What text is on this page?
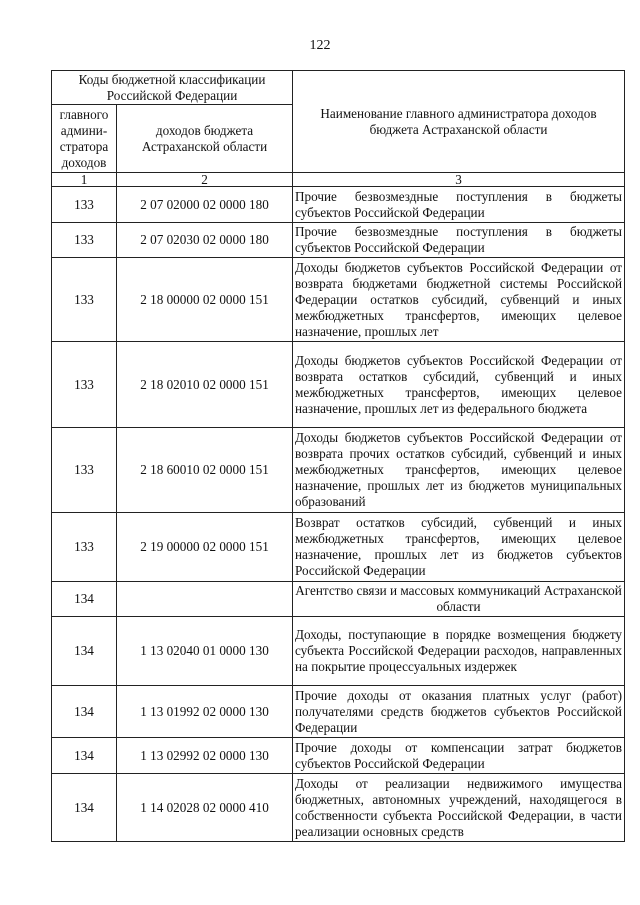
122
Коды бюджетной классификации Российской Федерации		Наименование главного администратора доходов бюджета Астраханской области
главного админи-стратора доходов	доходов бюджета Астраханской области	
1	2	3
133	2 07 02000 02 0000 180	Прочие безвозмездные поступления в бюджеты субъектов Российской Федерации
133	2 07 02030 02 0000 180	Прочие безвозмездные поступления в бюджеты субъектов Российской Федерации
133	2 18 00000 02 0000 151	Доходы бюджетов субъектов Российской Федерации от возврата бюджетами бюджетной системы Российской Федерации остатков субсидий, субвенций и иных межбюджетных трансфертов, имеющих целевое назначение, прошлых лет
133	2 18 02010 02 0000 151	Доходы бюджетов субъектов Российской Федерации от возврата остатков субсидий, субвенций и иных межбюджетных трансфертов, имеющих целевое назначение, прошлых лет из федерального бюджета
133	2 18 60010 02 0000 151	Доходы бюджетов субъектов Российской Федерации от возврата прочих остатков субсидий, субвенций и иных межбюджетных трансфертов, имеющих целевое назначение, прошлых лет из бюджетов муниципальных образований
133	2 19 00000 02 0000 151	Возврат остатков субсидий, субвенций и иных межбюджетных трансфертов, имеющих целевое назначение, прошлых лет из бюджетов субъектов Российской Федерации
134		Агентство связи и массовых коммуникаций Астраханской области
134	1 13 02040 01 0000 130	Доходы, поступающие в порядке возмещения бюджету субъекта Российской Федерации расходов, направленных на покрытие процессуальных издержек
134	1 13 01992 02 0000 130	Прочие доходы от оказания платных услуг (работ) получателями средств бюджетов субъектов Российской Федерации
134	1 13 02992 02 0000 130	Прочие доходы от компенсации затрат бюджетов субъектов Российской Федерации
134	1 14 02028 02 0000 410	Доходы от реализации недвижимого имущества бюджетных, автономных учреждений, находящегося в собственности субъекта Российской Федерации, в части реализации основных средств
